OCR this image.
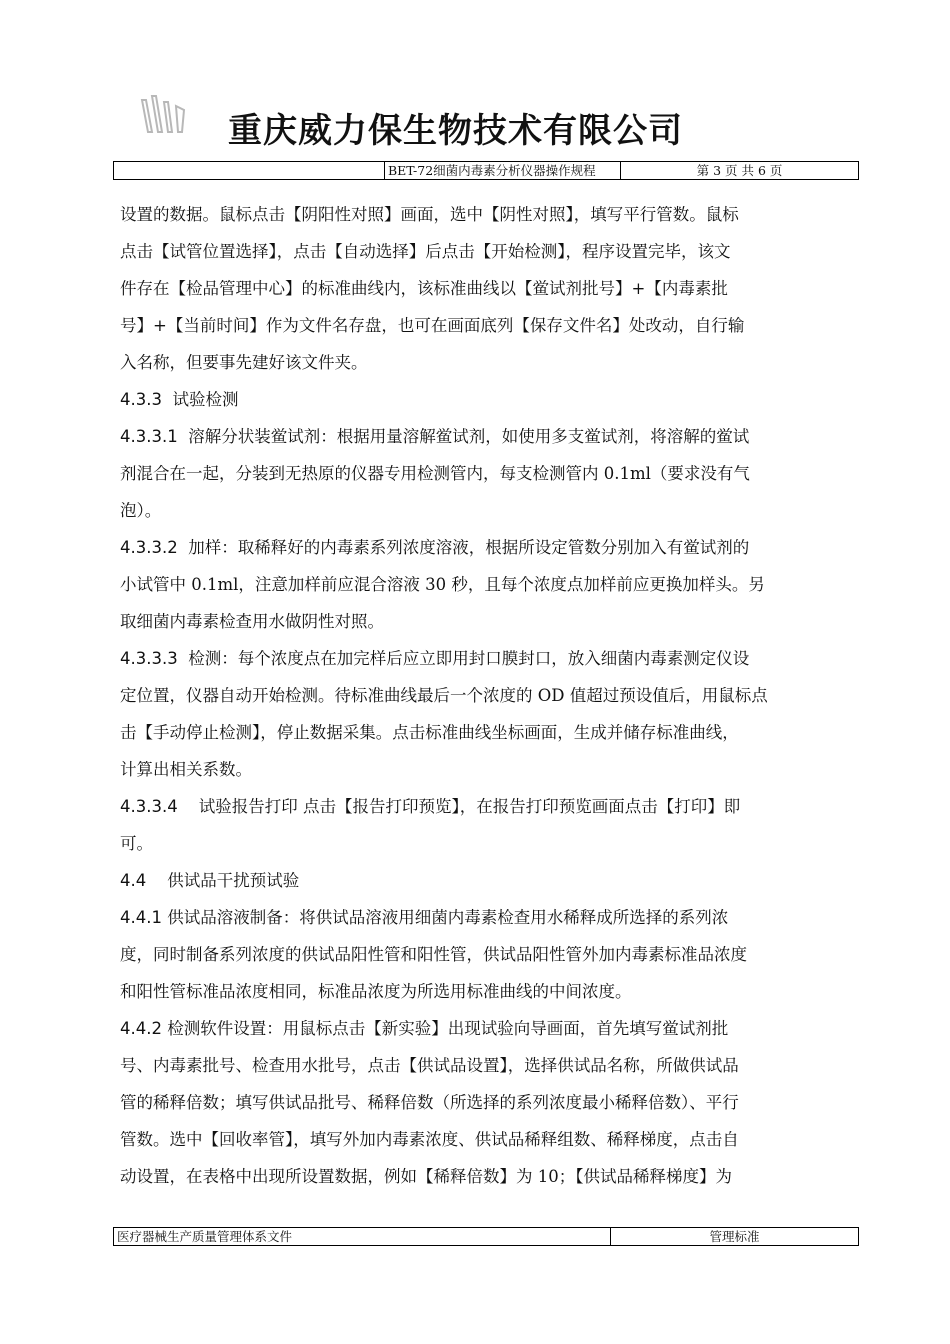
重庆威力保生物技术有限公司
	BET-72细菌内毒素分析仪器操作规程	第 3 页 共 6 页

设置的数据。鼠标点击【阴阳性对照】画面，选中【阴性对照】，填写平行管数。鼠标
点击【试管位置选择】，点击【自动选择】后点击【开始检测】，程序设置完毕，该文
件存在【检品管理中心】的标准曲线内，该标准曲线以【鲎试剂批号】+【内毒素批
号】+【当前时间】作为文件名存盘，也可在画面底列【保存文件名】处改动，自行输
入名称，但要事先建好该文件夹。

4.3.3 试验检测

4.3.3.1 溶解分状装鲎试剂：根据用量溶解鲎试剂，如使用多支鲎试剂，将溶解的鲎试
剂混合在一起，分装到无热原的仪器专用检测管内，每支检测管内 0.1ml（要求没有气
泡）。

4.3.3.2 加样：取稀释好的内毒素系列浓度溶液，根据所设定管数分别加入有鲎试剂的
小试管中 0.1ml，注意加样前应混合溶液 30 秒，且每个浓度点加样前应更换加样头。另
取细菌内毒素检查用水做阴性对照。

4.3.3.3 检测：每个浓度点在加完样后应立即用封口膜封口，放入细菌内毒素测定仪设
定位置，仪器自动开始检测。待标准曲线最后一个浓度的 OD 值超过预设值后，用鼠标点
击【手动停止检测】，停止数据采集。点击标准曲线坐标画面，生成并储存标准曲线，
计算出相关系数。

4.3.3.4 试验报告打印 点击【报告打印预览】，在报告打印预览画面点击【打印】即
可。

4.4 供试品干扰预试验

4.4.1 供试品溶液制备：将供试品溶液用细菌内毒素检查用水稀释成所选择的系列浓
度，同时制备系列浓度的供试品阳性管和阳性管，供试品阳性管外加内毒素标准品浓度
和阳性管标准品浓度相同，标准品浓度为所选用标准曲线的中间浓度。

4.4.2 检测软件设置：用鼠标点击【新实验】出现试验向导画面，首先填写鲎试剂批
号、内毒素批号、检查用水批号，点击【供试品设置】，选择供试品名称，所做供试品
管的稀释倍数；填写供试品批号、稀释倍数（所选择的系列浓度最小稀释倍数）、平行
管数。选中【回收率管】，填写外加内毒素浓度、供试品稀释组数、稀释梯度，点击自
动设置，在表格中出现所设置数据，例如【稀释倍数】为 10；【供试品稀释梯度】为

医疗器械生产质量管理体系文件	管理标准
